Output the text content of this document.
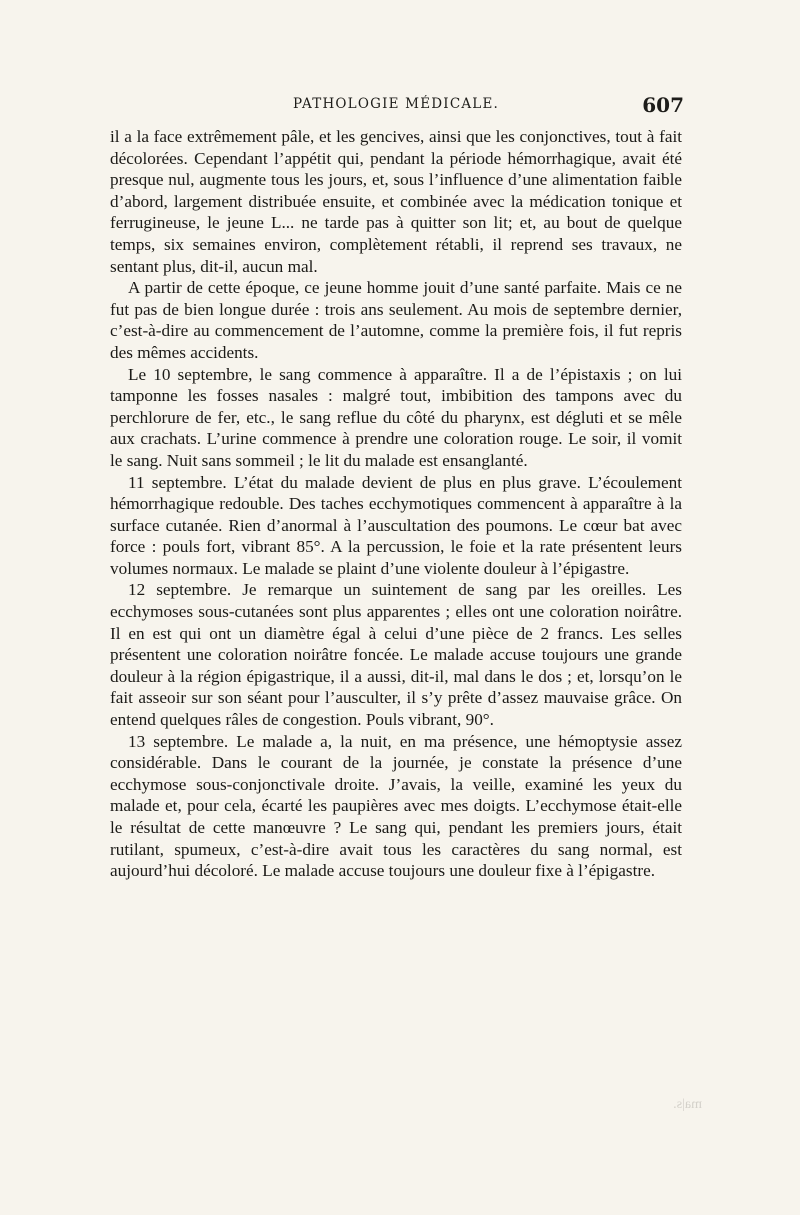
PATHOLOGIE MÉDICALE.	607

il a la face extrêmement pâle, et les gencives, ainsi que les conjonctives, tout à fait décolorées. Cependant l’appétit qui, pendant la période hémorrhagique, avait été presque nul, augmente tous les jours, et, sous l’influence d’une alimentation faible d’abord, largement distribuée ensuite, et combinée avec la médication tonique et ferrugineuse, le jeune L... ne tarde pas à quitter son lit; et, au bout de quelque temps, six semaines environ, complètement rétabli, il reprend ses travaux, ne sentant plus, dit-il, aucun mal.

A partir de cette époque, ce jeune homme jouit d’une santé parfaite. Mais ce ne fut pas de bien longue durée : trois ans seulement. Au mois de septembre dernier, c’est-à-dire au commencement de l’automne, comme la première fois, il fut repris des mêmes accidents.

Le 10 septembre, le sang commence à apparaître. Il a de l’épistaxis ; on lui tamponne les fosses nasales : malgré tout, imbibition des tampons avec du perchlorure de fer, etc., le sang reflue du côté du pharynx, est dégluti et se mêle aux crachats. L’urine commence à prendre une coloration rouge. Le soir, il vomit le sang. Nuit sans sommeil ; le lit du malade est ensanglanté.

11 septembre. L’état du malade devient de plus en plus grave. L’écoulement hémorrhagique redouble. Des taches ecchymotiques commencent à apparaître à la surface cutanée. Rien d’anormal à l’auscultation des poumons. Le cœur bat avec force : pouls fort, vibrant 85°. A la percussion, le foie et la rate présentent leurs volumes normaux. Le malade se plaint d’une violente douleur à l’épigastre.

12 septembre. Je remarque un suintement de sang par les oreilles. Les ecchymoses sous-cutanées sont plus apparentes ; elles ont une coloration noirâtre. Il en est qui ont un diamètre égal à celui d’une pièce de 2 francs. Les selles présentent une coloration noirâtre foncée. Le malade accuse toujours une grande douleur à la région épigastrique, il a aussi, dit-il, mal dans le dos ; et, lorsqu’on le fait asseoir sur son séant pour l’ausculter, il s’y prête d’assez mauvaise grâce. On entend quelques râles de congestion. Pouls vibrant, 90°.

13 septembre. Le malade a, la nuit, en ma présence, une hémoptysie assez considérable. Dans le courant de la journée, je constate la présence d’une ecchymose sous-conjonctivale droite. J’avais, la veille, examiné les yeux du malade et, pour cela, écarté les paupières avec mes doigts. L’ecchymose était-elle le résultat de cette manœuvre ? Le sang qui, pendant les premiers jours, était rutilant, spumeux, c’est-à-dire avait tous les caractères du sang normal, est aujourd’hui décoloré. Le malade accuse toujours une douleur fixe à l’épigastre.

ma|s.
